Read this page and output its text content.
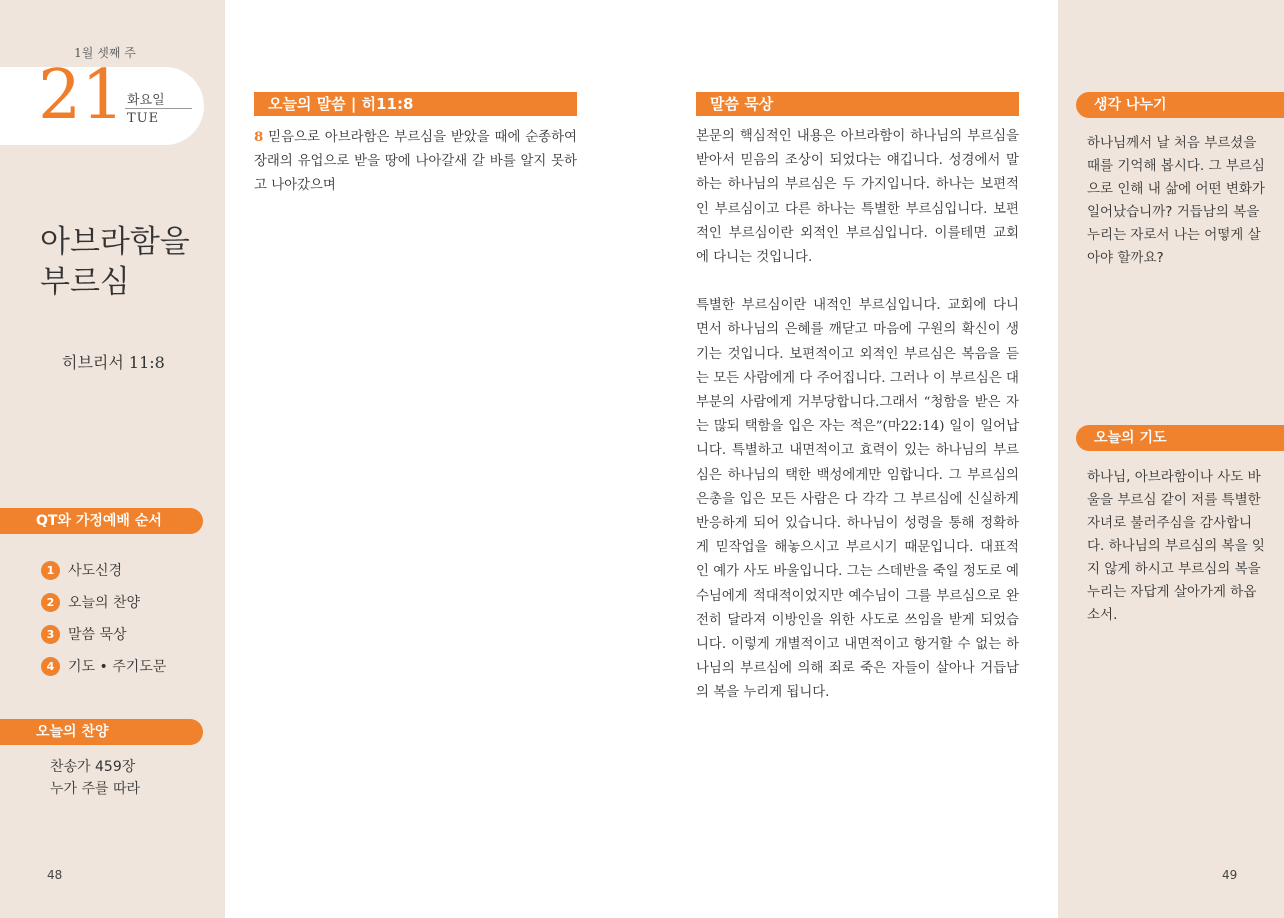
1월 셋째 주
21 화요일
TUE
아브라함을
부르심
히브리서 11:8
QT와 가정예배 순서
1 사도신경
2 오늘의 찬양
3 말씀 묵상
4 기도 • 주기도문
오늘의 찬양
찬송가 459장
누가 주를 따라
48
오늘의 말씀 | 히11:8
8 믿음으로 아브라함은 부르심을 받았을 때에 순종하여 장래의 유업으로 받을 땅에 나아갈새 갈 바를 알지 못하고 나아갔으며
말씀 묵상

본문의 핵심적인 내용은 아브라함이 하나님의 부르심을 받아서 믿음의 조상이 되었다는 얘깁니다. 성경에서 말하는 하나님의 부르심은 두 가지입니다. 하나는 보편적인 부르심이고 다른 하나는 특별한 부르심입니다. 보편적인 부르심이란 외적인 부르심입니다. 이를테면 교회에 다니는 것입니다.

특별한 부르심이란 내적인 부르심입니다. 교회에 다니면서 하나님의 은혜를 깨닫고 마음에 구원의 확신이 생기는 것입니다. 보편적이고 외적인 부르심은 복음을 듣는 모든 사람에게 다 주어집니다. 그러나 이 부르심은 대부분의 사람에게 거부당합니다.그래서 “청함을 받은 자는 많되 택함을 입은 자는 적은”(마22:14) 일이 일어납니다. 특별하고 내면적이고 효력이 있는 하나님의 부르심은 하나님의 택한 백성에게만 임합니다. 그 부르심의 은총을 입은 모든 사람은 다 각각 그 부르심에 신실하게 반응하게 되어 있습니다. 하나님이 성령을 통해 정확하게 믿작업을 해놓으시고 부르시기 때문입니다. 대표적인 예가 사도 바울입니다. 그는 스데반을 죽일 정도로 예수님에게 적대적이었지만 예수님이 그를 부르심으로 완전히 달라져 이방인을 위한 사도로 쓰임을 받게 되었습니다. 이렇게 개별적이고 내면적이고 항거할 수 없는 하나님의 부르심에 의해 죄로 죽은 자들이 살아나 거듭남의 복을 누리게 됩니다.

생각 나누기
하나님께서 날 처음 부르셨을 때를 기억해 봅시다. 그 부르심으로 인해 내 삶에 어떤 변화가 일어났습니까? 거듭남의 복을 누리는 자로서 나는 어떻게 살아야 할까요?
오늘의 기도
하나님, 아브라함이나 사도 바울을 부르심 같이 저를 특별한 자녀로 불러주심을 감사합니다. 하나님의 부르심의 복을 잊지 않게 하시고 부르심의 복을 누리는 자답게 살아가게 하옵소서.
49
